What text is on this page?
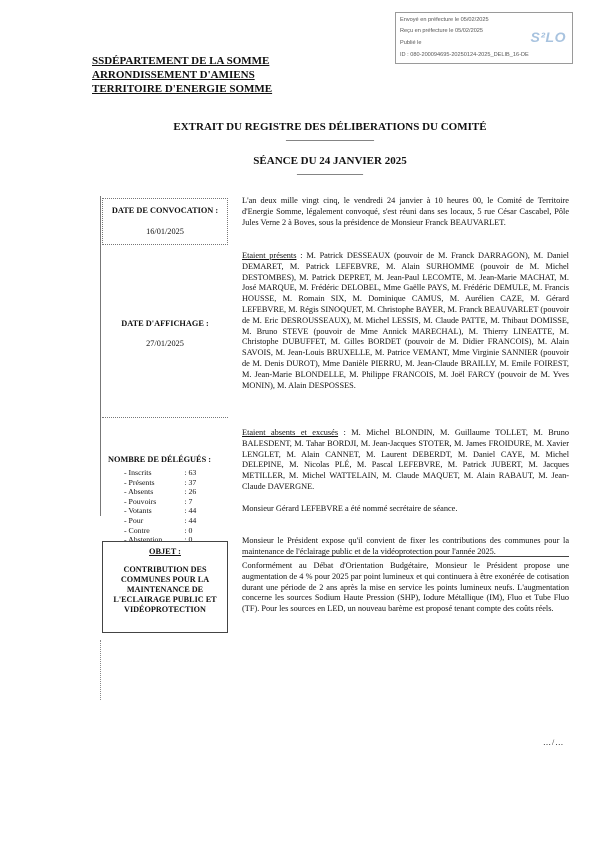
Envoyé en préfecture le 05/02/2025
Reçu en préfecture le 05/02/2025
Publié le
ID : 080-200094695-20250124-2025_DELIB_16-DE
S²LO
SSDÉPARTEMENT DE LA SOMME
ARRONDISSEMENT D'AMIENS
TERRITOIRE D'ENERGIE SOMME
EXTRAIT DU REGISTRE DES DÉLIBERATIONS DU COMITÉ
————————
SÉANCE DU 24 JANVIER 2025
——————
DATE DE CONVOCATION :
16/01/2025
DATE D'AFFICHAGE :
27/01/2025
NOMBRE DE DÉLÉGUÉS :
- Inscrits	: 63
- Présents	: 37
- Absents	: 26
- Pouvoirs	: 7
- Votants	: 44
- Pour	: 44
- Contre	: 0
- Abstention	: 0
OBJET :
CONTRIBUTION DES COMMUNES POUR LA MAINTENANCE DE L'ECLAIRAGE PUBLIC ET VIDÉOPROTECTION
L'an deux mille vingt cinq, le vendredi 24 janvier à 10 heures 00, le Comité de Territoire d'Energie Somme, légalement convoqué, s'est réuni dans ses locaux, 5 rue César Cascabel, Pôle Jules Verne 2 à Boves, sous la présidence de Monsieur Franck BEAUVARLET.
Etaient présents : M. Patrick DESSEAUX (pouvoir de M. Franck DARRAGON), M. Daniel DEMARET, M. Patrick LEFEBVRE, M. Alain SURHOMME (pouvoir de M. Michel DESTOMBES), M. Patrick DEPRET, M. Jean-Paul LECOMTE, M. Jean-Marie MACHAT, M. José MARQUE, M. Frédéric DELOBEL, Mme Gaëlle PAYS, M. Frédéric DEMULE, M. Francis HOUSSE, M. Romain SIX, M. Dominique CAMUS, M. Aurélien CAZE, M. Gérard LEFEBVRE, M. Régis SINOQUET, M. Christophe BAYER, M. Franck BEAUVARLET (pouvoir de M. Eric DESROUSSEAUX), M. Michel LESSIS, M. Claude PATTE, M. Thibaut DOMISSE, M. Bruno STEVE (pouvoir de Mme Annick MARECHAL), M. Thierry LINEATTE, M. Christophe DUBUFFET, M. Gilles BORDET (pouvoir de M. Didier FRANCOIS), M. Alain SAVOIS, M. Jean-Louis BRUXELLE, M. Patrice VEMANT, Mme Virginie SANNIER (pouvoir de M. Denis DUROT), Mme Danièle PIERRU, M. Jean-Claude BRAILLY, M. Emile FOIREST, M. Jean-Marie BLONDELLE, M. Philippe FRANCOIS, M. Joël FARCY (pouvoir de M. Yves MONIN), M. Alain DESPOSSES.
Etaient absents et excusés : M. Michel BLONDIN, M. Guillaume TOLLET, M. Bruno BALESDENT, M. Tahar BORDJI, M. Jean-Jacques STOTER, M. James FROIDURE, M. Xavier LENGLET, M. Alain CANNET, M. Laurent DEBERDT, M. Daniel CAYE, M. Michel DELEPINE, M. Nicolas PLÉ, M. Pascal LEFEBVRE, M. Patrick JUBERT, M. Jacques METILLER, M. Michel WATTELAIN, M. Claude MAQUET, M. Alain RABAUT, M. Jean-Claude DAVERGNE.
Monsieur Gérard LEFEBVRE a été nommé secrétaire de séance.
Monsieur le Président expose qu'il convient de fixer les contributions des communes pour la maintenance de l'éclairage public et de la vidéoprotection pour l'année 2025.
Conformément au Débat d'Orientation Budgétaire, Monsieur le Président propose une augmentation de 4 % pour 2025 par point lumineux et qui continuera à être exonérée de cotisation durant une période de 2 ans après la mise en service les points lumineux neufs. L'augmentation concerne les sources Sodium Haute Pression (SHP), Iodure Métallique (IM), Fluo et Tube Fluo (TF). Pour les sources en LED, un nouveau barème est proposé tenant compte des coûts réels.
…/…
